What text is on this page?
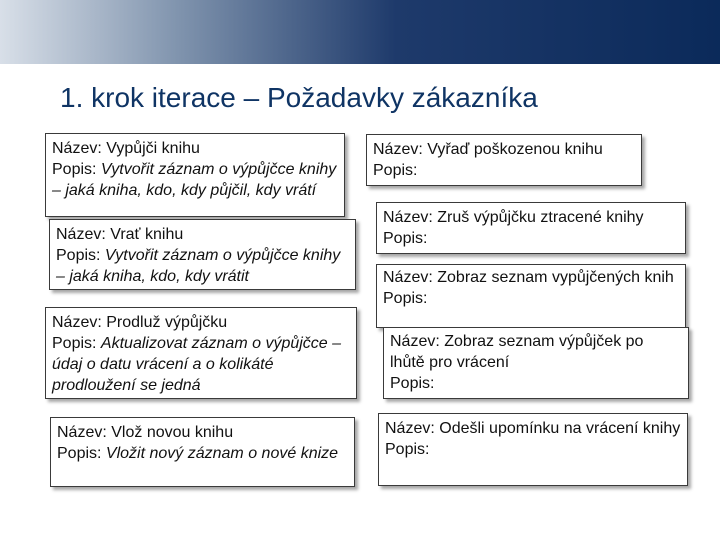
1. krok iterace – Požadavky zákazníka
Název: Vypůjči knihu
Popis: Vytvořit záznam o výpůjčce knihy – jaká kniha, kdo, kdy půjčil, kdy vrátí
Název: Vrať knihu
Popis: Vytvořit záznam o výpůjčce knihy – jaká kniha, kdo, kdy vrátit
Název: Prodluž výpůjčku
Popis: Aktualizovat záznam o výpůjčce – údaj o datu vrácení a o kolikáté prodloužení se jedná
Název: Vlož novou knihu
Popis: Vložit nový záznam o nové knize
Název: Vyřaď poškozenou knihu
Popis:
Název: Zruš výpůjčku ztracené knihy
Popis:
Název: Zobraz seznam vypůjčených knih
Popis:
Název: Zobraz seznam výpůjček po lhůtě pro vrácení
Popis:
Název: Odešli upomínku na vrácení knihy
Popis:
